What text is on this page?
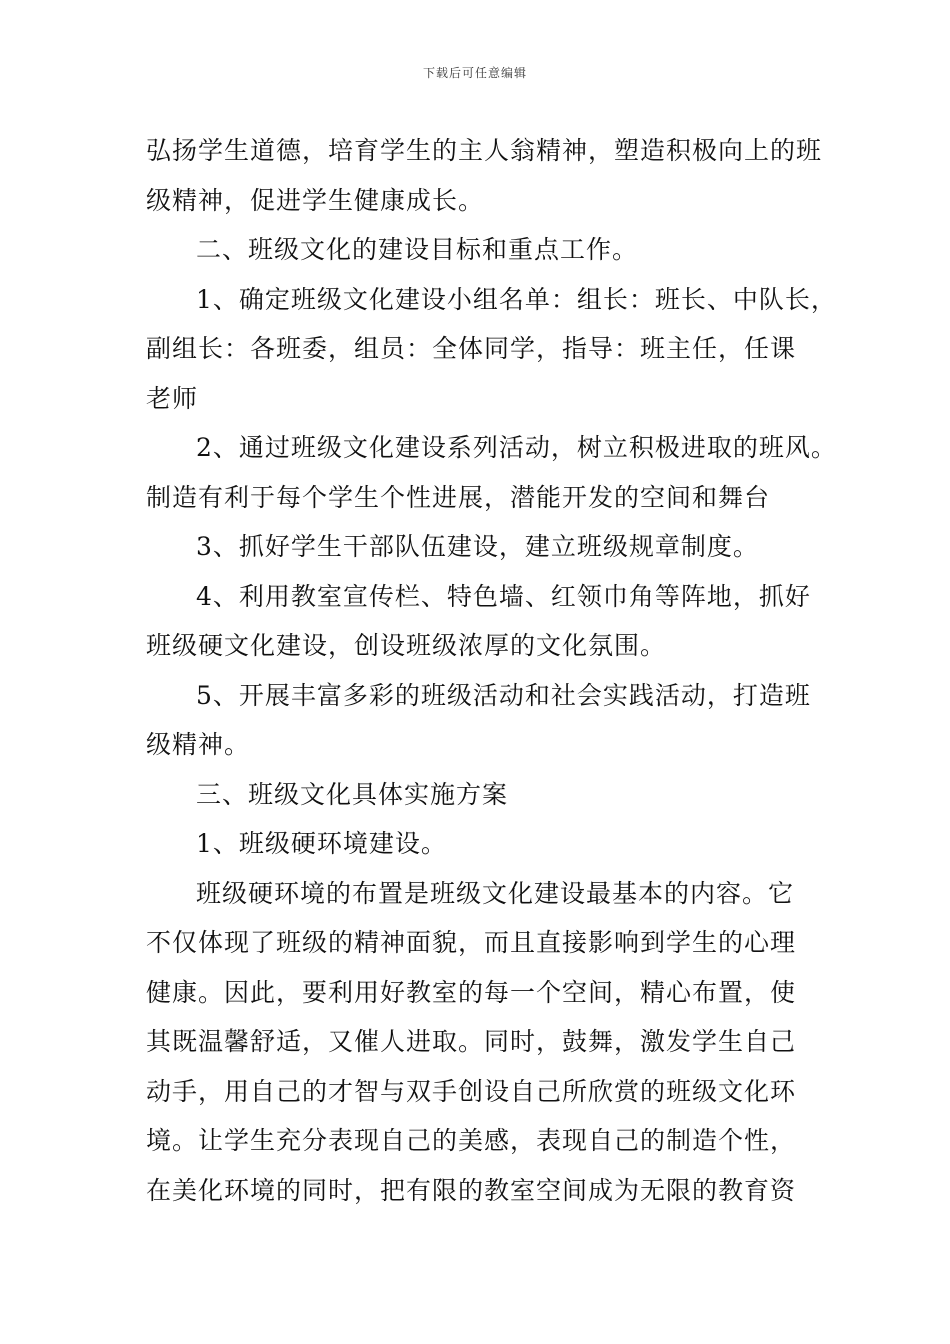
下载后可任意编辑
弘扬学生道德，培育学生的主人翁精神，塑造积极向上的班
级精神，促进学生健康成长。
二、班级文化的建设目标和重点工作。
1、确定班级文化建设小组名单：组长：班长、中队长，
副组长：各班委，组员：全体同学，指导：班主任，任课
老师
2、通过班级文化建设系列活动，树立积极进取的班风。
制造有利于每个学生个性进展，潜能开发的空间和舞台
3、抓好学生干部队伍建设，建立班级规章制度。
4、利用教室宣传栏、特色墙、红领巾角等阵地，抓好
班级硬文化建设，创设班级浓厚的文化氛围。
5、开展丰富多彩的班级活动和社会实践活动，打造班
级精神。
三、班级文化具体实施方案
1、班级硬环境建设。
班级硬环境的布置是班级文化建设最基本的内容。它
不仅体现了班级的精神面貌，而且直接影响到学生的心理
健康。因此，要利用好教室的每一个空间，精心布置，使
其既温馨舒适，又催人进取。同时，鼓舞，激发学生自己
动手，用自己的才智与双手创设自己所欣赏的班级文化环
境。让学生充分表现自己的美感，表现自己的制造个性，
在美化环境的同时，把有限的教室空间成为无限的教育资
